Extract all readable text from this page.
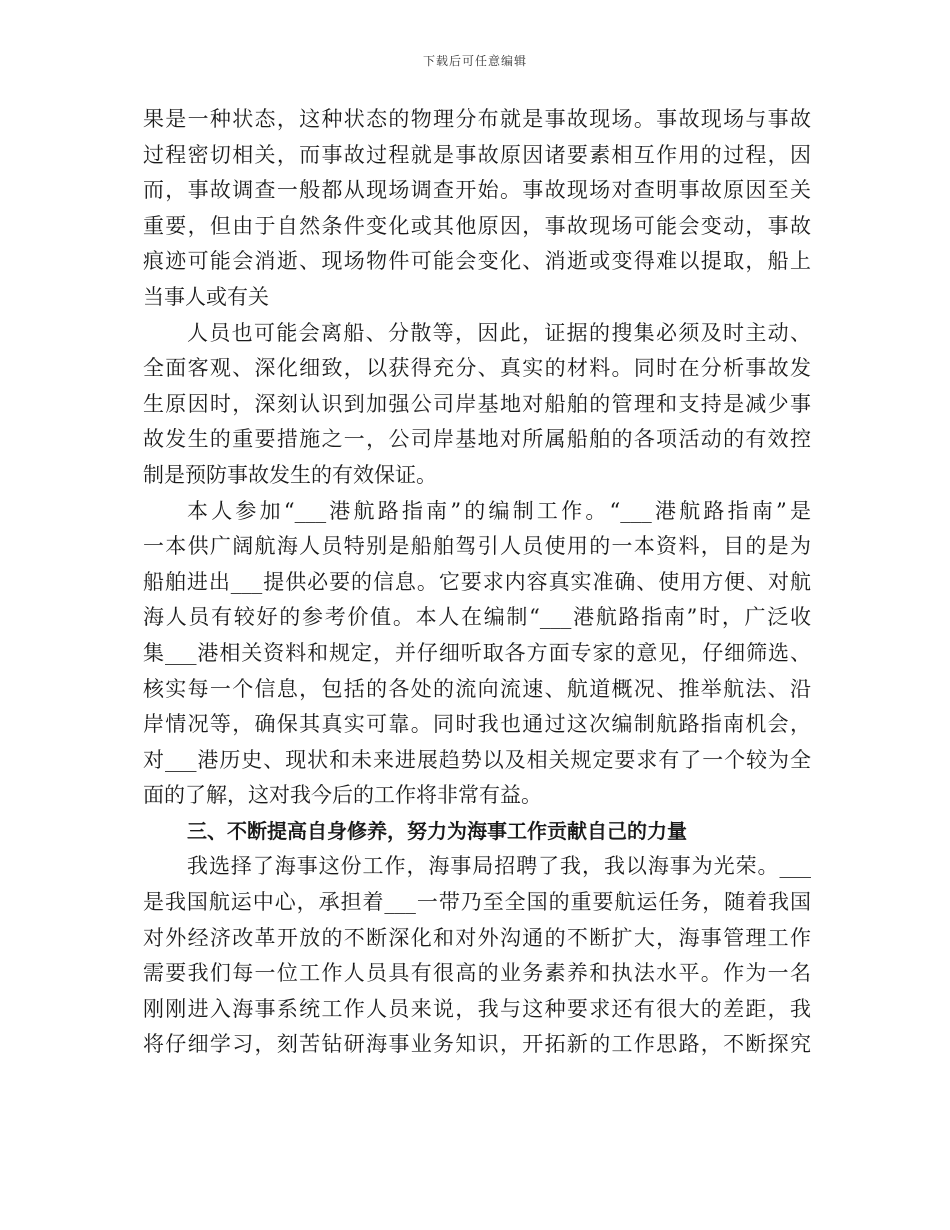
下载后可任意编辑
果是一种状态，这种状态的物理分布就是事故现场。事故现场与事故
过程密切相关，而事故过程就是事故原因诸要素相互作用的过程，因
而，事故调查一般都从现场调查开始。事故现场对查明事故原因至关
重要，但由于自然条件变化或其他原因，事故现场可能会变动，事故
痕迹可能会消逝、现场物件可能会变化、消逝或变得难以提取，船上
当事人或有关
人员也可能会离船、分散等，因此，证据的搜集必须及时主动、
全面客观、深化细致，以获得充分、真实的材料。同时在分析事故发
生原因时，深刻认识到加强公司岸基地对船舶的管理和支持是减少事
故发生的重要措施之一，公司岸基地对所属船舶的各项活动的有效控
制是预防事故发生的有效保证。
本人参加“___港航路指南”的编制工作。“___港航路指南”是
一本供广阔航海人员特别是船舶驾引人员使用的一本资料，目的是为
船舶进出___提供必要的信息。它要求内容真实准确、使用方便、对航
海人员有较好的参考价值。本人在编制“___港航路指南”时，广泛收
集___港相关资料和规定，并仔细听取各方面专家的意见，仔细筛选、
核实每一个信息，包括的各处的流向流速、航道概况、推举航法、沿
岸情况等，确保其真实可靠。同时我也通过这次编制航路指南机会，
对___港历史、现状和未来进展趋势以及相关规定要求有了一个较为全
面的了解，这对我今后的工作将非常有益。
三、不断提高自身修养，努力为海事工作贡献自己的力量
我选择了海事这份工作，海事局招聘了我，我以海事为光荣。___
是我国航运中心，承担着___一带乃至全国的重要航运任务，随着我国
对外经济改革开放的不断深化和对外沟通的不断扩大，海事管理工作
需要我们每一位工作人员具有很高的业务素养和执法水平。作为一名
刚刚进入海事系统工作人员来说，我与这种要求还有很大的差距，我
将仔细学习，刻苦钻研海事业务知识，开拓新的工作思路，不断探究
